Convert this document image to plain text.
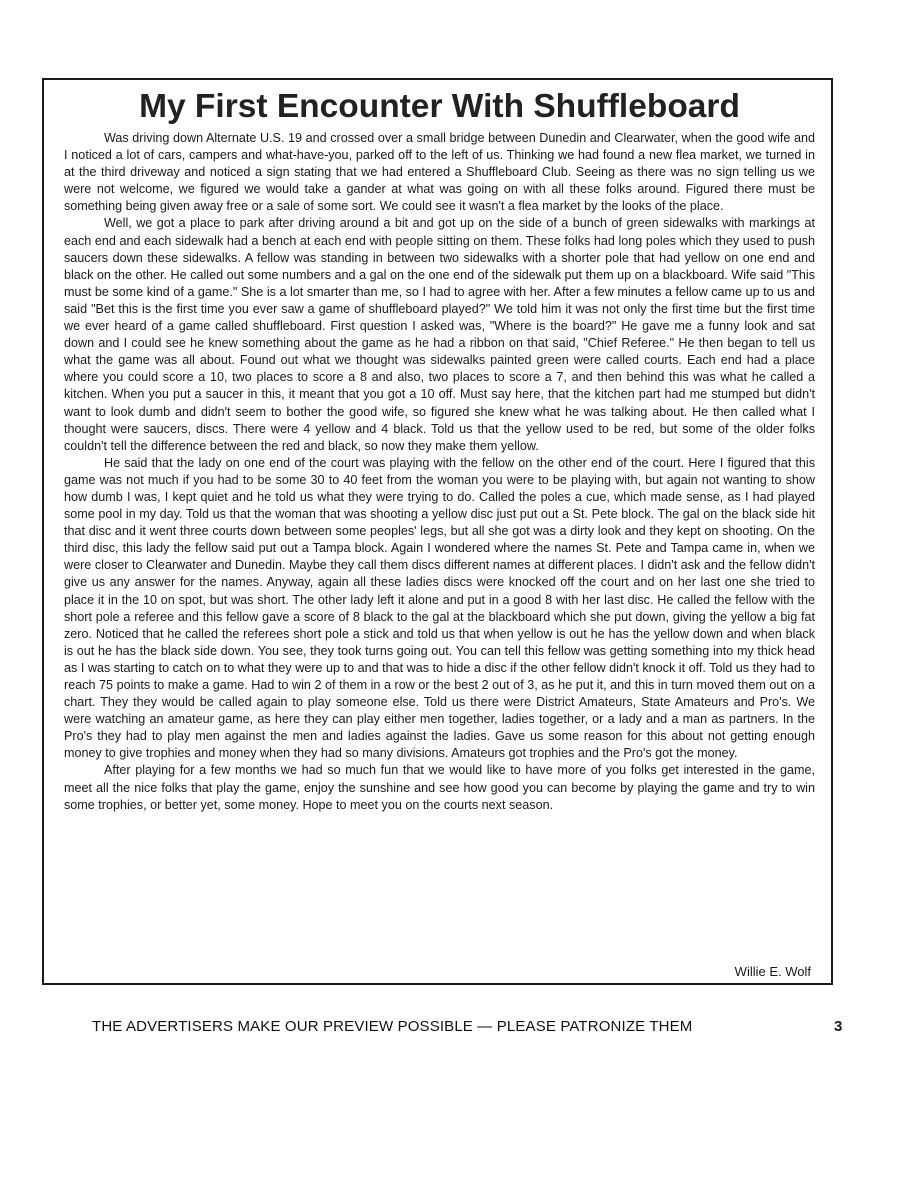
My First Encounter With Shuffleboard

Was driving down Alternate U.S. 19 and crossed over a small bridge between Dunedin and Clearwater, when the good wife and I noticed a lot of cars, campers and what-have-you, parked off to the left of us. Thinking we had found a new flea market, we turned in at the third driveway and noticed a sign stating that we had entered a Shuffleboard Club. Seeing as there was no sign telling us we were not welcome, we figured we would take a gander at what was going on with all these folks around. Figured there must be something being given away free or a sale of some sort. We could see it wasn't a flea market by the looks of the place.

Well, we got a place to park after driving around a bit and got up on the side of a bunch of green sidewalks with markings at each end and each sidewalk had a bench at each end with people sitting on them. These folks had long poles which they used to push saucers down these sidewalks. A fellow was standing in between two sidewalks with a shorter pole that had yellow on one end and black on the other. He called out some numbers and a gal on the one end of the sidewalk put them up on a blackboard. Wife said "This must be some kind of a game." She is a lot smarter than me, so I had to agree with her. After a few minutes a fellow came up to us and said "Bet this is the first time you ever saw a game of shuffleboard played?" We told him it was not only the first time but the first time we ever heard of a game called shuffleboard. First question I asked was, "Where is the board?" He gave me a funny look and sat down and I could see he knew something about the game as he had a ribbon on that said, "Chief Referee." He then began to tell us what the game was all about. Found out what we thought was sidewalks painted green were called courts. Each end had a place where you could score a 10, two places to score a 8 and also, two places to score a 7, and then behind this was what he called a kitchen. When you put a saucer in this, it meant that you got a 10 off. Must say here, that the kitchen part had me stumped but didn't want to look dumb and didn't seem to bother the good wife, so figured she knew what he was talking about. He then called what I thought were saucers, discs. There were 4 yellow and 4 black. Told us that the yellow used to be red, but some of the older folks couldn't tell the difference between the red and black, so now they make them yellow.

He said that the lady on one end of the court was playing with the fellow on the other end of the court. Here I figured that this game was not much if you had to be some 30 to 40 feet from the woman you were to be playing with, but again not wanting to show how dumb I was, I kept quiet and he told us what they were trying to do. Called the poles a cue, which made sense, as I had played some pool in my day. Told us that the woman that was shooting a yellow disc just put out a St. Pete block. The gal on the black side hit that disc and it went three courts down between some peoples' legs, but all she got was a dirty look and they kept on shooting. On the third disc, this lady the fellow said put out a Tampa block. Again I wondered where the names St. Pete and Tampa came in, when we were closer to Clearwater and Dunedin. Maybe they call them discs different names at different places. I didn't ask and the fellow didn't give us any answer for the names. Anyway, again all these ladies discs were knocked off the court and on her last one she tried to place it in the 10 on spot, but was short. The other lady left it alone and put in a good 8 with her last disc. He called the fellow with the short pole a referee and this fellow gave a score of 8 black to the gal at the blackboard which she put down, giving the yellow a big fat zero. Noticed that he called the referees short pole a stick and told us that when yellow is out he has the yellow down and when black is out he has the black side down. You see, they took turns going out. You can tell this fellow was getting something into my thick head as I was starting to catch on to what they were up to and that was to hide a disc if the other fellow didn't knock it off. Told us they had to reach 75 points to make a game. Had to win 2 of them in a row or the best 2 out of 3, as he put it, and this in turn moved them out on a chart. They they would be called again to play someone else. Told us there were District Amateurs, State Amateurs and Pro's. We were watching an amateur game, as here they can play either men together, ladies together, or a lady and a man as partners. In the Pro's they had to play men against the men and ladies against the ladies. Gave us some reason for this about not getting enough money to give trophies and money when they had so many divisions. Amateurs got trophies and the Pro's got the money.

After playing for a few months we had so much fun that we would like to have more of you folks get interested in the game, meet all the nice folks that play the game, enjoy the sunshine and see how good you can become by playing the game and try to win some trophies, or better yet, some money. Hope to meet you on the courts next season.

Willie E. Wolf
THE ADVERTISERS MAKE OUR PREVIEW POSSIBLE — PLEASE PATRONIZE THEM	3
